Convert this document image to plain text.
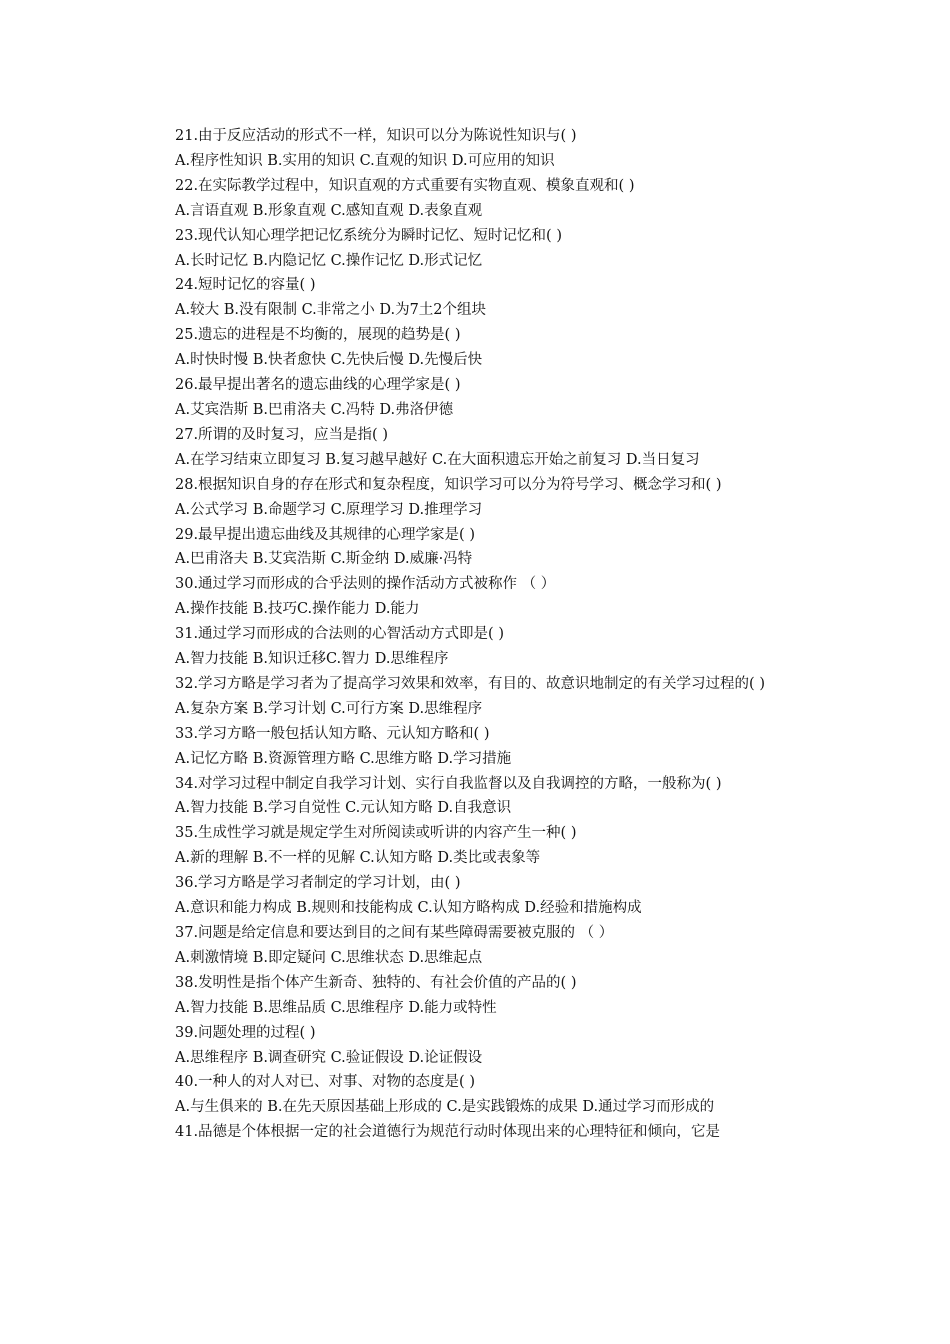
21.由于反应活动的形式不一样，知识可以分为陈说性知识与( )
A.程序性知识 B.实用的知识 C.直观的知识 D.可应用的知识
22.在实际教学过程中，知识直观的方式重要有实物直观、模象直观和( )
A.言语直观 B.形象直观 C.感知直观 D.表象直观
23.现代认知心理学把记忆系统分为瞬时记忆、短时记忆和( )
A.长时记忆 B.内隐记忆 C.操作记忆 D.形式记忆
24.短时记忆的容量( )
A.较大 B.没有限制 C.非常之小 D.为7土2个组块
25.遗忘的进程是不均衡的，展现的趋势是( )
A.时快时慢 B.快者愈快 C.先快后慢 D.先慢后快
26.最早提出著名的遗忘曲线的心理学家是( )
A.艾宾浩斯 B.巴甫洛夫 C.冯特 D.弗洛伊德
27.所谓的及时复习，应当是指( )
A.在学习结束立即复习 B.复习越早越好 C.在大面积遗忘开始之前复习 D.当日复习
28.根据知识自身的存在形式和复杂程度，知识学习可以分为符号学习、概念学习和( )
A.公式学习 B.命题学习 C.原理学习 D.推理学习
29.最早提出遗忘曲线及其规律的心理学家是( )
A.巴甫洛夫 B.艾宾浩斯 C.斯金纳 D.威廉·冯特
30.通过学习而形成的合乎法则的操作活动方式被称作 （ ）
A.操作技能 B.技巧C.操作能力 D.能力
31.通过学习而形成的合法则的心智活动方式即是( )
A.智力技能 B.知识迁移C.智力 D.思维程序
32.学习方略是学习者为了提高学习效果和效率，有目的、故意识地制定的有关学习过程的( )
A.复杂方案 B.学习计划 C.可行方案 D.思维程序
33.学习方略一般包括认知方略、元认知方略和( )
A.记忆方略 B.资源管理方略 C.思维方略 D.学习措施
34.对学习过程中制定自我学习计划、实行自我监督以及自我调控的方略，一般称为( )
A.智力技能 B.学习自觉性 C.元认知方略 D.自我意识
35.生成性学习就是规定学生对所阅读或听讲的内容产生一种( )
A.新的理解 B.不一样的见解 C.认知方略 D.类比或表象等
36.学习方略是学习者制定的学习计划，由( )
A.意识和能力构成 B.规则和技能构成 C.认知方略构成 D.经验和措施构成
37.问题是给定信息和要达到目的之间有某些障碍需要被克服的 （ ）
A.刺激情境 B.即定疑问 C.思维状态 D.思维起点
38.发明性是指个体产生新奇、独特的、有社会价值的产品的( )
A.智力技能 B.思维品质 C.思维程序 D.能力或特性
39.问题处理的过程( )
A.思维程序 B.调查研究 C.验证假设 D.论证假设
40.一种人的对人对已、对事、对物的态度是( )
A.与生俱来的 B.在先天原因基础上形成的 C.是实践锻炼的成果 D.通过学习而形成的
41.品德是个体根据一定的社会道德行为规范行动时体现出来的心理特征和倾向，它是
